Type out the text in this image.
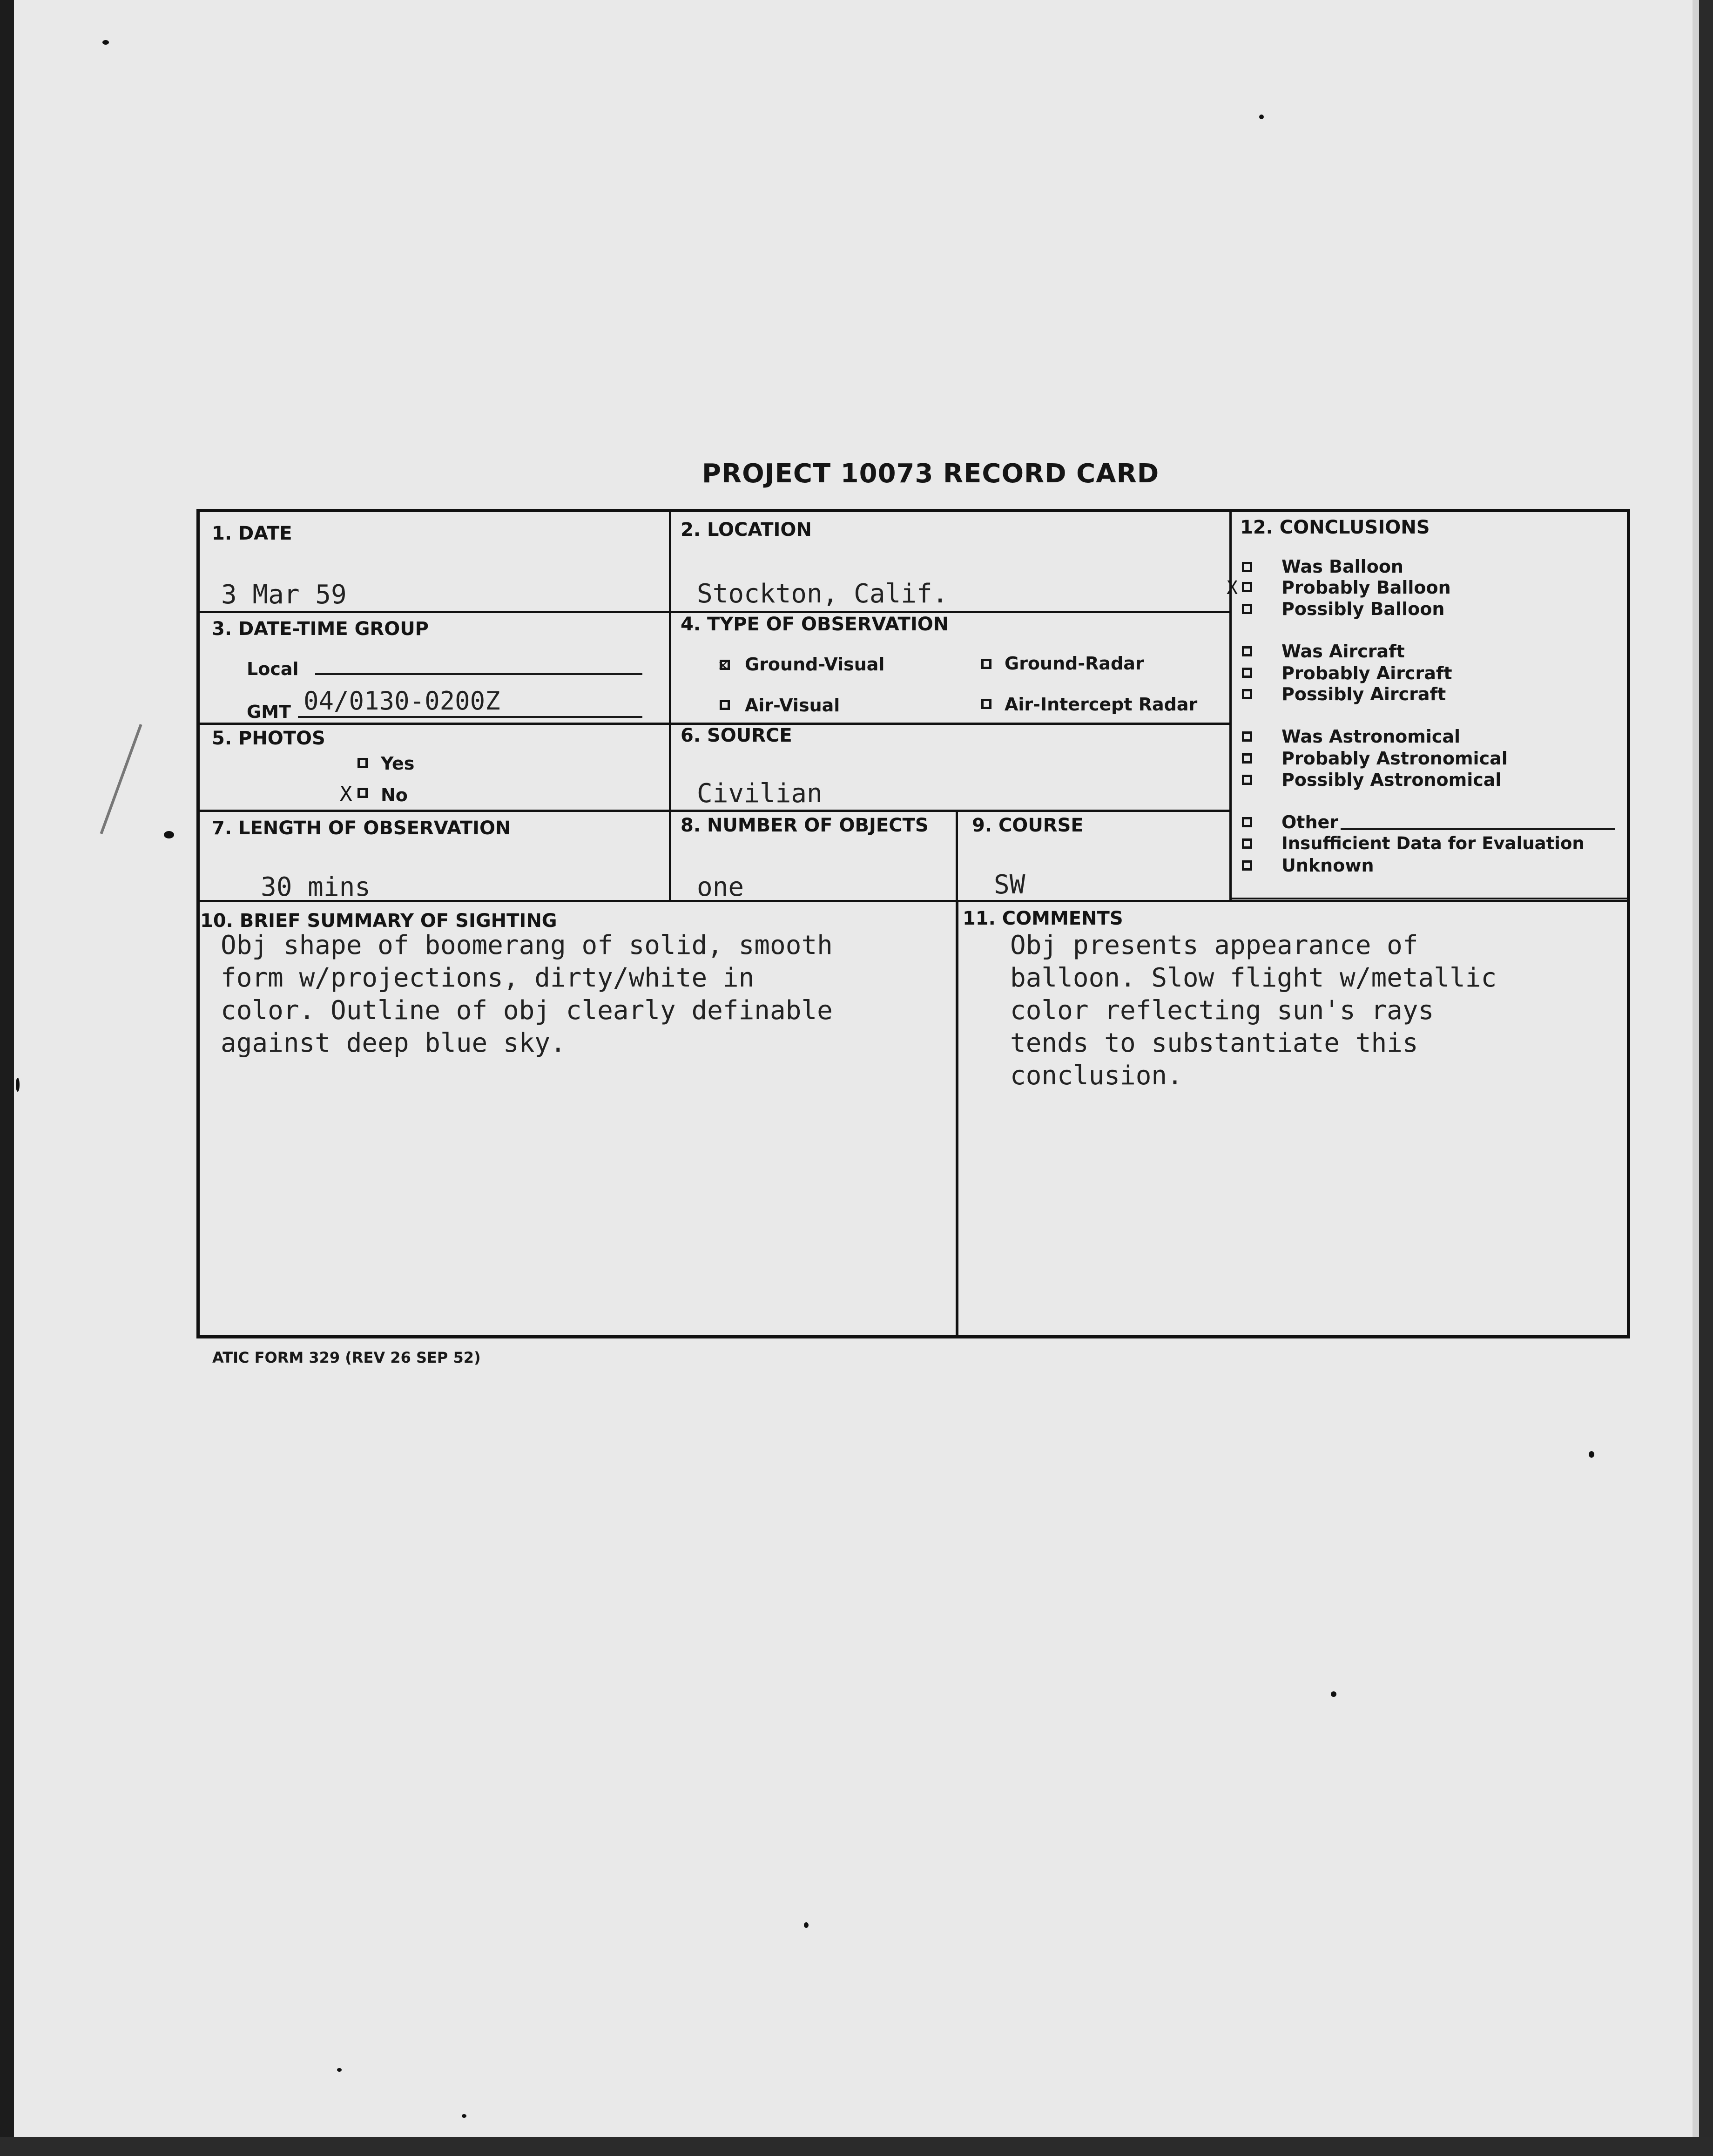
PROJECT 10073 RECORD CARD
1. DATE
3 Mar 59
2. LOCATION
Stockton, Calif.
3. DATE-TIME GROUP
Local
GMT 04/0130-0200Z
4. TYPE OF OBSERVATION
✕ Ground-Visual	Ground-Radar
Air-Visual	Air-Intercept Radar
5. PHOTOS
Yes
X No
6. SOURCE
Civilian
7. LENGTH OF OBSERVATION
30 mins
8. NUMBER OF OBJECTS
one
9. COURSE
SW
10. BRIEF SUMMARY OF SIGHTING
Obj shape of boomerang of solid, smooth
form w/projections, dirty/white in
color. Outline of obj clearly definable
against deep blue sky.
11. COMMENTS
Obj presents appearance of
balloon. Slow flight w/metallic
color reflecting sun's rays
tends to substantiate this
conclusion.
12. CONCLUSIONS
Was Balloon
X Probably Balloon
Possibly Balloon
Was Aircraft
Probably Aircraft
Possibly Aircraft
Was Astronomical
Probably Astronomical
Possibly Astronomical
Other
Insufficient Data for Evaluation
Unknown
ATIC FORM 329 (REV 26 SEP 52)
